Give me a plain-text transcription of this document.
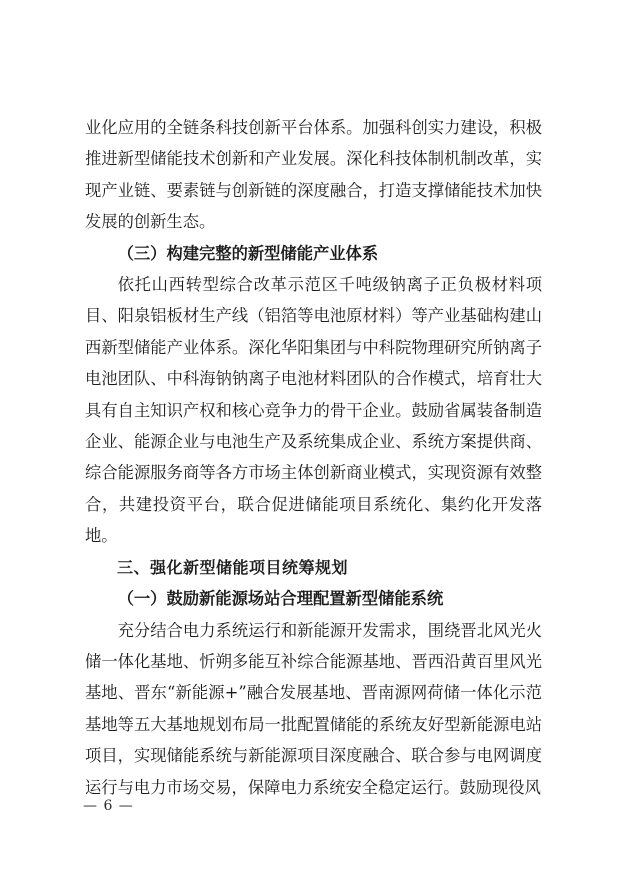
业化应用的全链条科技创新平台体系。加强科创实力建设，积极推进新型储能技术创新和产业发展。深化科技体制机制改革，实现产业链、要素链与创新链的深度融合，打造支撑储能技术加快发展的创新生态。

（三）构建完整的新型储能产业体系

依托山西转型综合改革示范区千吨级钠离子正负极材料项目、阳泉铝板材生产线（铝箔等电池原材料）等产业基础构建山西新型储能产业体系。深化华阳集团与中科院物理研究所钠离子电池团队、中科海钠钠离子电池材料团队的合作模式，培育壮大具有自主知识产权和核心竞争力的骨干企业。鼓励省属装备制造企业、能源企业与电池生产及系统集成企业、系统方案提供商、综合能源服务商等各方市场主体创新商业模式，实现资源有效整合，共建投资平台，联合促进储能项目系统化、集约化开发落地。

三、强化新型储能项目统筹规划

（一）鼓励新能源场站合理配置新型储能系统

充分结合电力系统运行和新能源开发需求，围绕晋北风光火储一体化基地、忻朔多能互补综合能源基地、晋西沿黄百里风光基地、晋东“新能源+”融合发展基地、晋南源网荷储一体化示范基地等五大基地规划布局一批配置储能的系统友好型新能源电站项目，实现储能系统与新能源项目深度融合、联合参与电网调度运行与电力市场交易，保障电力系统安全稳定运行。鼓励现役风

— 6 —
